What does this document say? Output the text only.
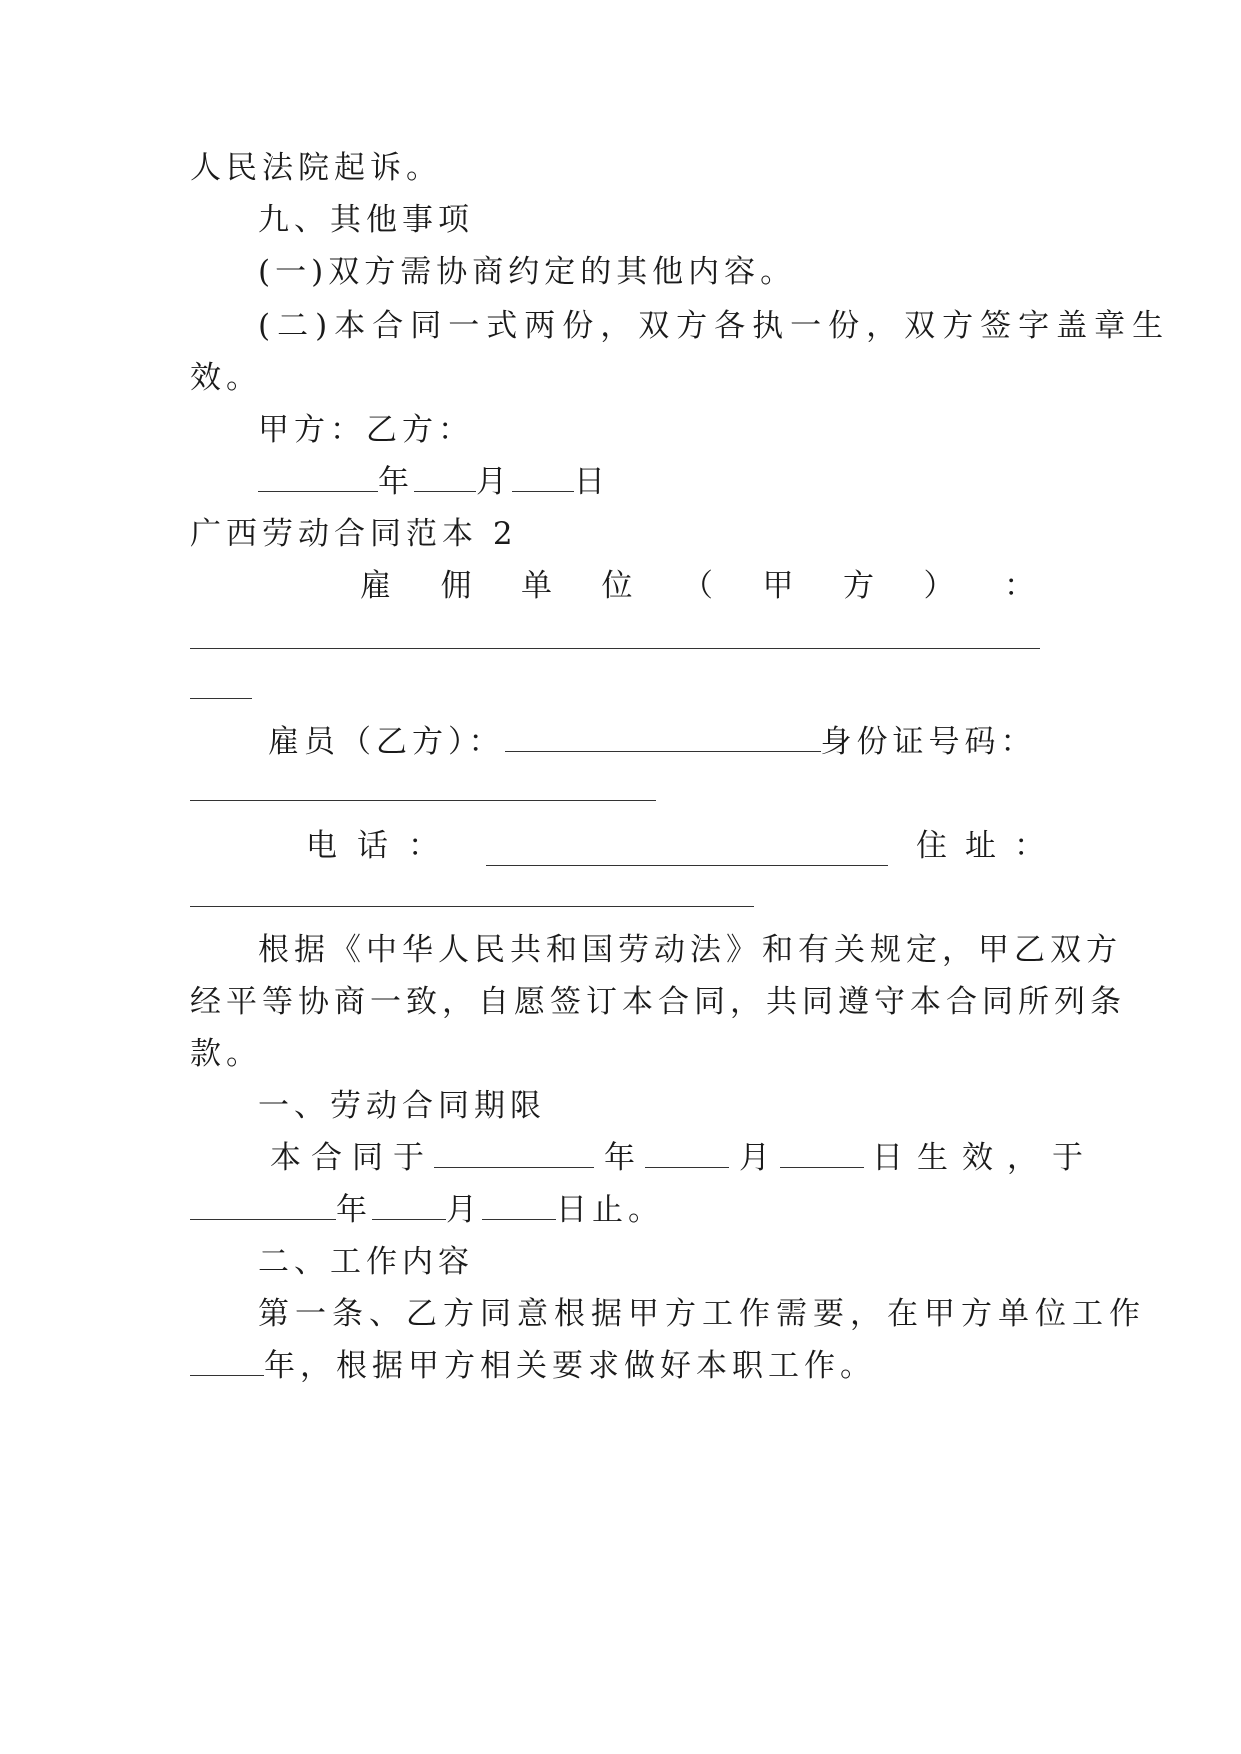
人民法院起诉。
九、其他事项
(一)双方需协商约定的其他内容。
(二)本合同一式两份，双方各执一份，双方签字盖章生
效。
甲方：乙方：
年 月 日
广西劳动合同范本 2
雇 佣 单 位 （ 甲 方 ） ：
雇员（乙方）：	身份证号码：
电 话 ：	住 址 ：
根据《中华人民共和国劳动法》和有关规定，甲乙双方
经平等协商一致，自愿签订本合同，共同遵守本合同所列条
款。
一、劳动合同期限
本合同于	年	月	日生效，于
年 月 日止。
二、工作内容
第一条、乙方同意根据甲方工作需要，在甲方单位工作
年，根据甲方相关要求做好本职工作。
